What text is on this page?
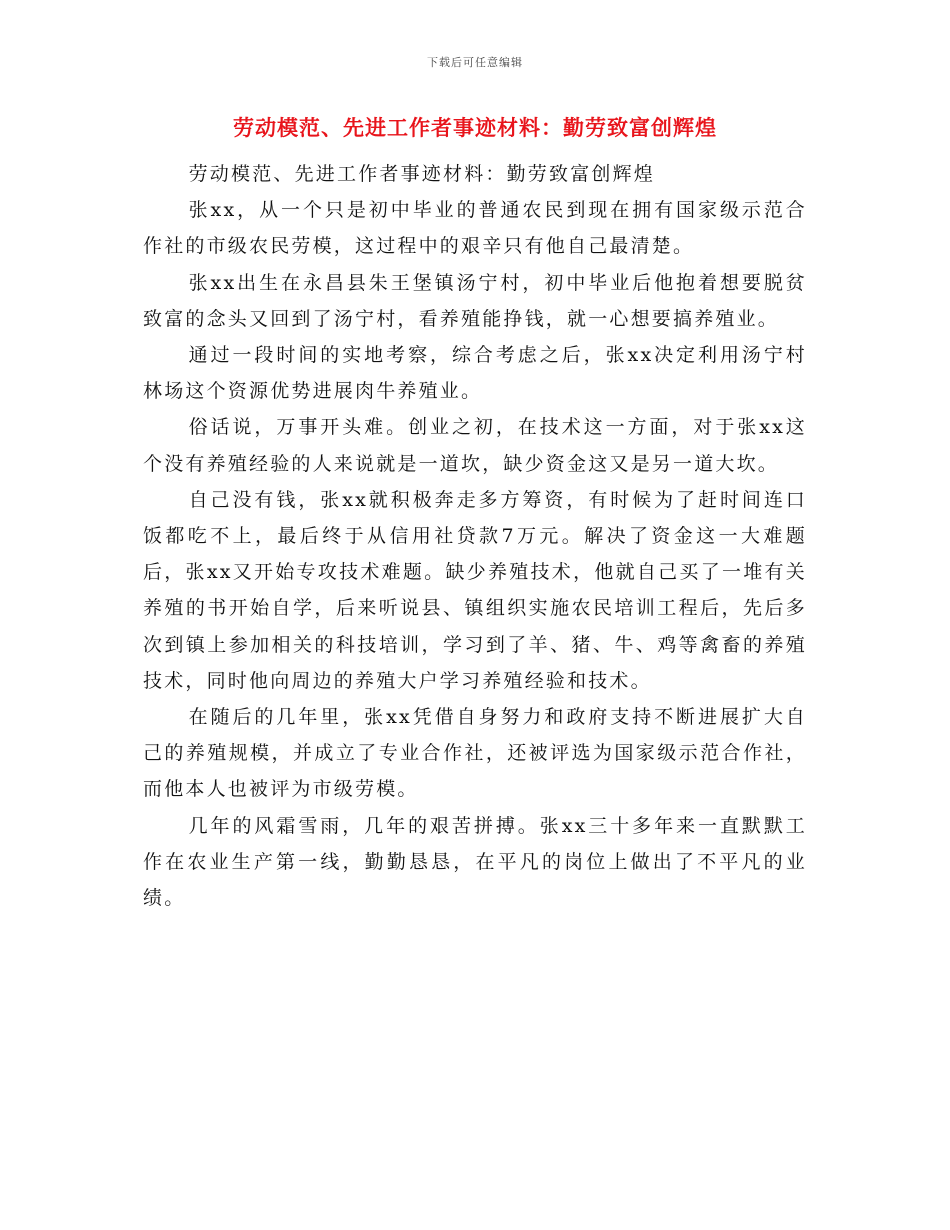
下载后可任意编辑
劳动模范、先进工作者事迹材料：勤劳致富创辉煌

劳动模范、先进工作者事迹材料：勤劳致富创辉煌

张xx，从一个只是初中毕业的普通农民到现在拥有国家级示范合作社的市级农民劳模，这过程中的艰辛只有他自己最清楚。

张xx出生在永昌县朱王堡镇汤宁村，初中毕业后他抱着想要脱贫致富的念头又回到了汤宁村，看养殖能挣钱，就一心想要搞养殖业。

通过一段时间的实地考察，综合考虑之后，张xx决定利用汤宁村林场这个资源优势进展肉牛养殖业。

俗话说，万事开头难。创业之初，在技术这一方面，对于张xx这个没有养殖经验的人来说就是一道坎，缺少资金这又是另一道大坎。

自己没有钱，张xx就积极奔走多方筹资，有时候为了赶时间连口饭都吃不上，最后终于从信用社贷款7万元。解决了资金这一大难题后，张xx又开始专攻技术难题。缺少养殖技术，他就自己买了一堆有关养殖的书开始自学，后来听说县、镇组织实施农民培训工程后，先后多次到镇上参加相关的科技培训，学习到了羊、猪、牛、鸡等禽畜的养殖技术，同时他向周边的养殖大户学习养殖经验和技术。

在随后的几年里，张xx凭借自身努力和政府支持不断进展扩大自己的养殖规模，并成立了专业合作社，还被评选为国家级示范合作社，而他本人也被评为市级劳模。

几年的风霜雪雨，几年的艰苦拼搏。张xx三十多年来一直默默工作在农业生产第一线，勤勤恳恳，在平凡的岗位上做出了不平凡的业绩。
